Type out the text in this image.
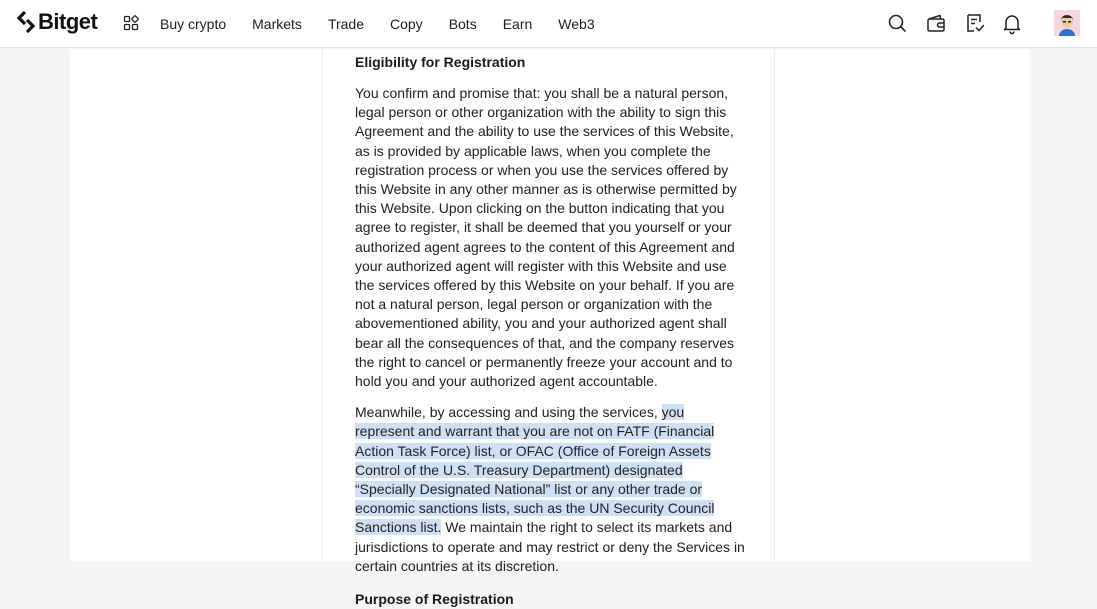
Bitget	Buy crypto Markets Trade Copy Bots Earn Web3
Eligibility for Registration

You confirm and promise that: you shall be a natural person, legal person or other organization with the ability to sign this Agreement and the ability to use the services of this Website, as is provided by applicable laws, when you complete the registration process or when you use the services offered by this Website in any other manner as is otherwise permitted by this Website. Upon clicking on the button indicating that you agree to register, it shall be deemed that you yourself or your authorized agent agrees to the content of this Agreement and your authorized agent will register with this Website and use the services offered by this Website on your behalf. If you are not a natural person, legal person or organization with the abovementioned ability, you and your authorized agent shall bear all the consequences of that, and the company reserves the right to cancel or permanently freeze your account and to hold you and your authorized agent accountable.

Meanwhile, by accessing and using the services, you represent and warrant that you are not on FATF (Financial Action Task Force) list, or OFAC (Office of Foreign Assets Control of the U.S. Treasury Department) designated “Specially Designated National” list or any other trade or economic sanctions lists, such as the UN Security Council Sanctions list. We maintain the right to select its markets and jurisdictions to operate and may restrict or deny the Services in certain countries at its discretion.

Purpose of Registration
